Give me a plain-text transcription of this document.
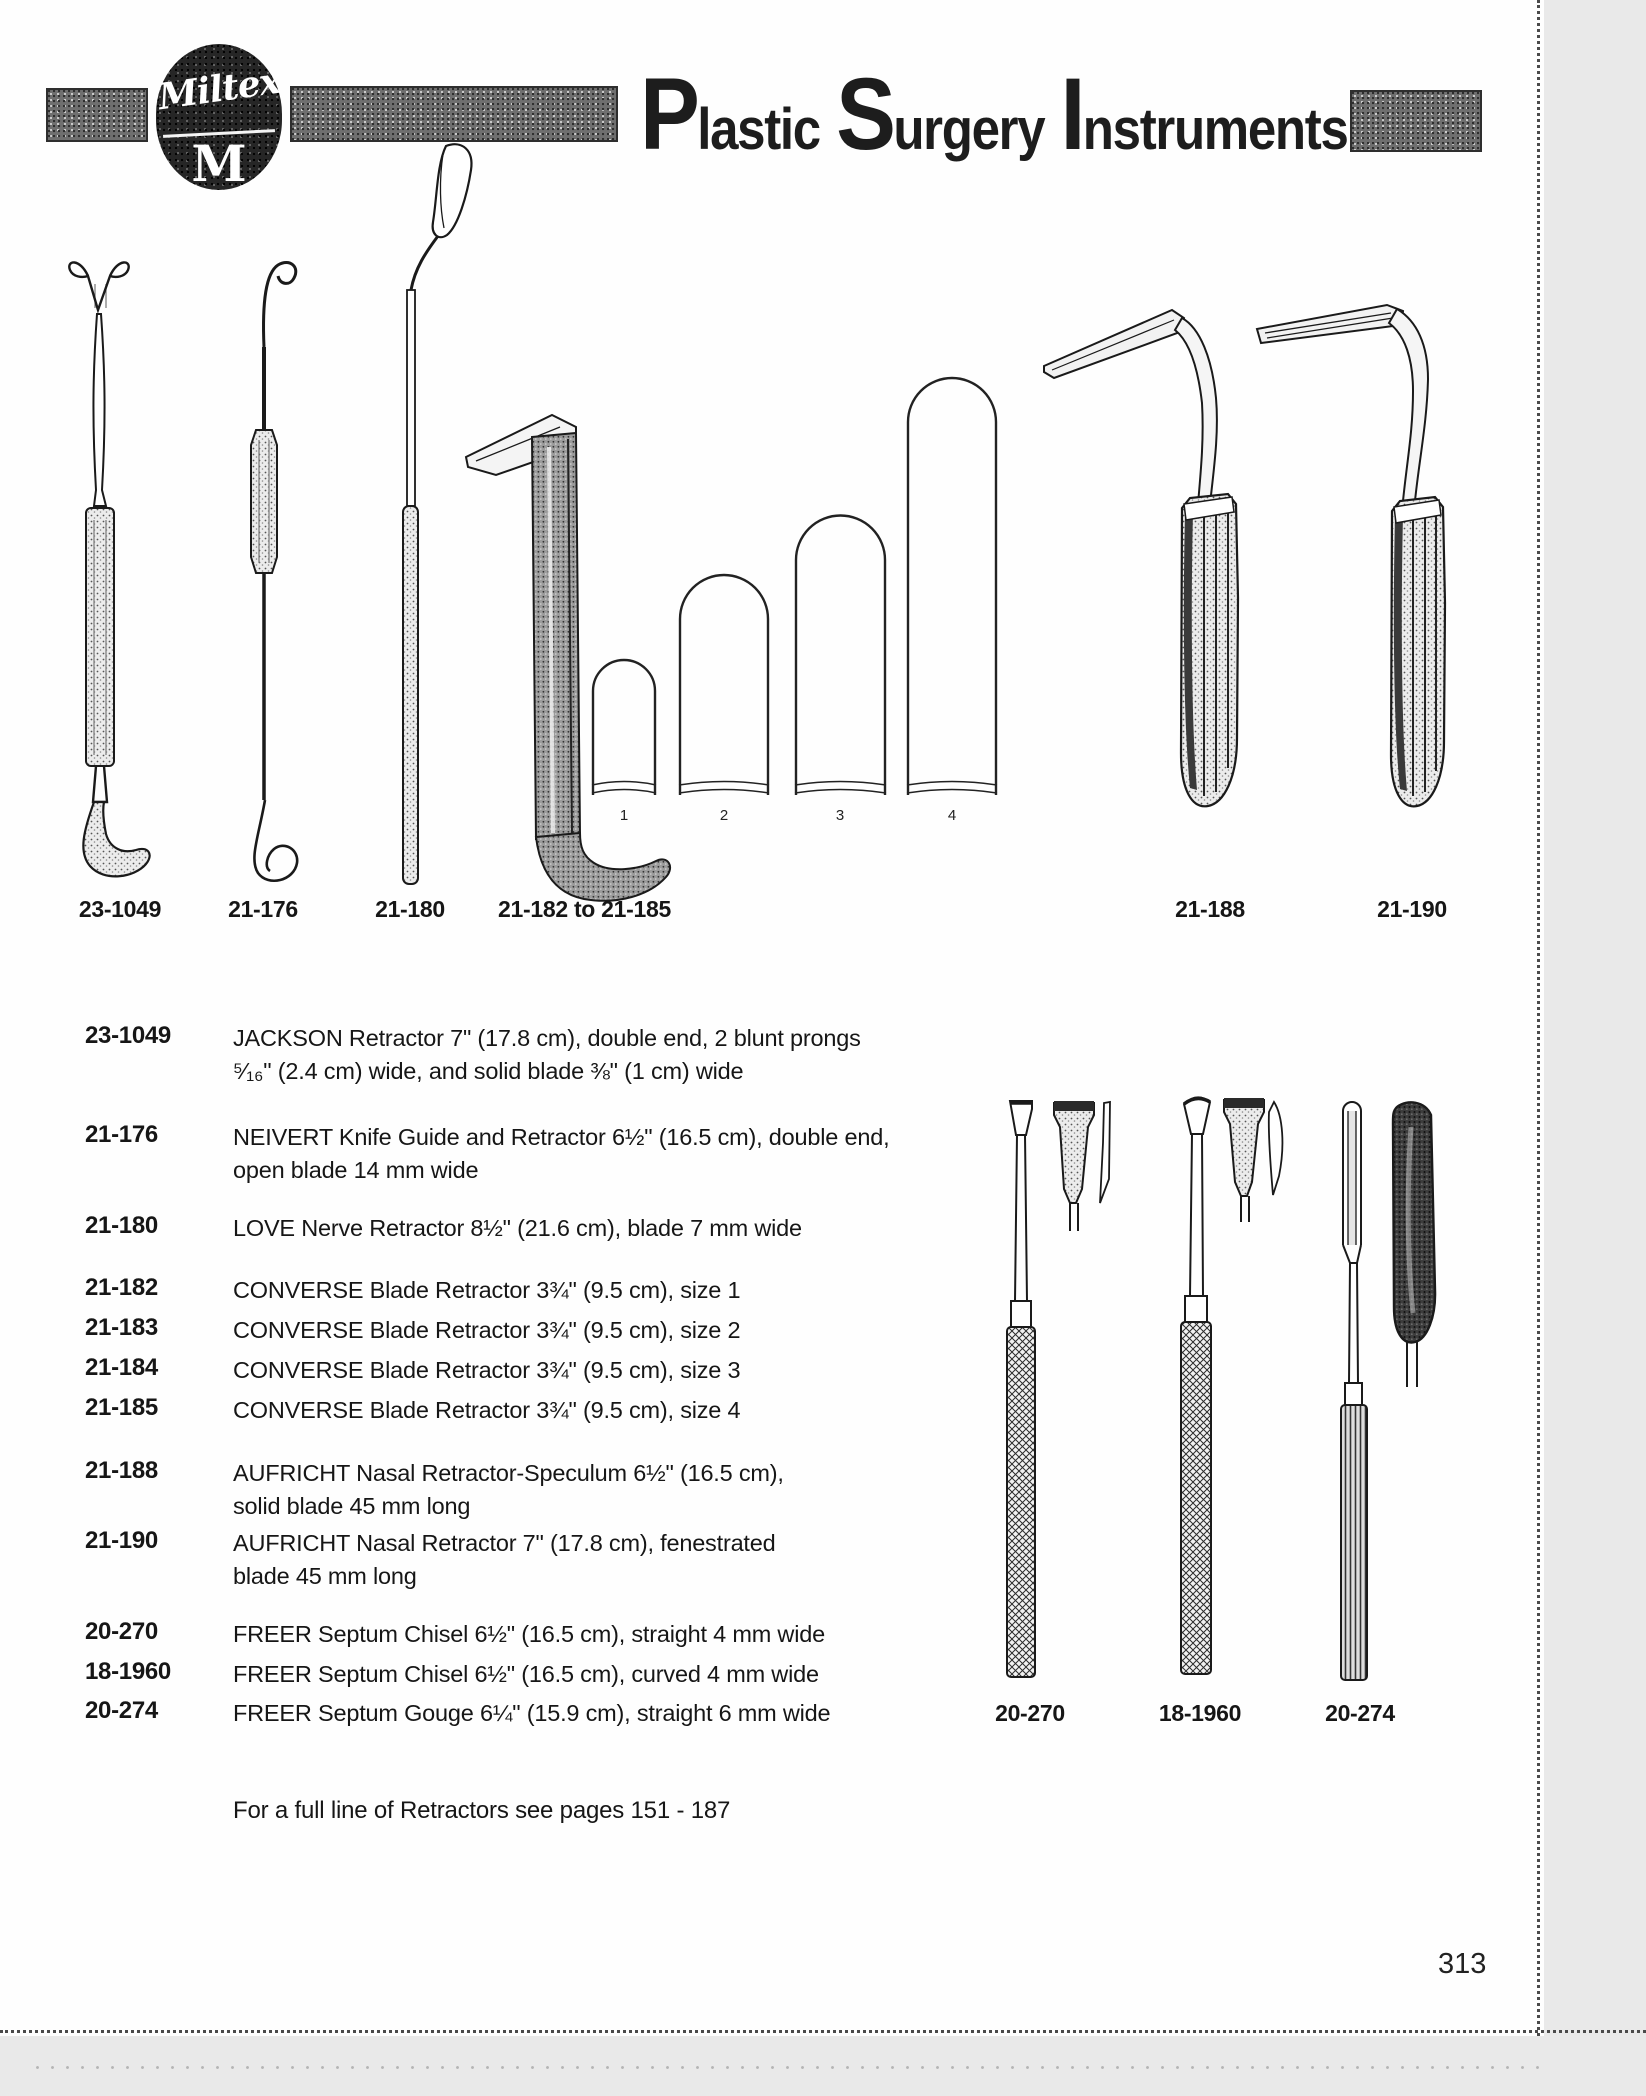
Miltex
M	Plastic Surgery Instruments
1	2	3	4
23-1049	21-176	21-180	21-182 to 21-185	21-188	21-190
20-270	18-1960	20-274
23-1049	JACKSON Retractor 7" (17.8 cm), double end, 2 blunt prongs
⁵⁄₁₆" (2.4 cm) wide, and solid blade ⅜" (1 cm) wide
21-176	NEIVERT Knife Guide and Retractor 6½" (16.5 cm), double end,
open blade 14 mm wide
21-180	LOVE Nerve Retractor 8½" (21.6 cm), blade 7 mm wide
21-182	CONVERSE Blade Retractor 3¾" (9.5 cm), size 1
21-183	CONVERSE Blade Retractor 3¾" (9.5 cm), size 2
21-184	CONVERSE Blade Retractor 3¾" (9.5 cm), size 3
21-185	CONVERSE Blade Retractor 3¾" (9.5 cm), size 4
21-188	AUFRICHT Nasal Retractor-Speculum 6½" (16.5 cm),
solid blade 45 mm long
21-190	AUFRICHT Nasal Retractor 7" (17.8 cm), fenestrated
blade 45 mm long
20-270	FREER Septum Chisel 6½" (16.5 cm), straight 4 mm wide
18-1960	FREER Septum Chisel 6½" (16.5 cm), curved 4 mm wide
20-274	FREER Septum Gouge 6¼" (15.9 cm), straight 6 mm wide
For a full line of Retractors see pages 151 - 187
313
